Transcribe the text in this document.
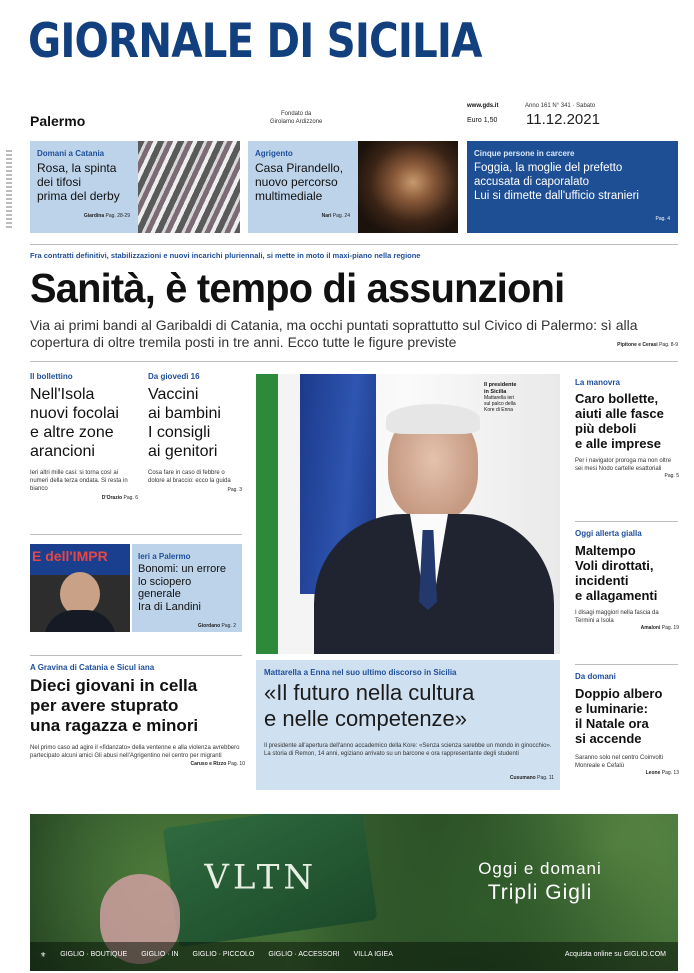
GIORNALE DI SICILIA	⚜
GIGLIO
Palermo	Fondato da
Girolamo Ardizzone
www.gds.it
Euro 1,50
Anno 161 N° 341 · Sabato
11.12.2021
Domani a Catania
Rosa, la spinta
dei tifosi
prima del derby
Giardina Pag. 28-29
Agrigento
Casa Pirandello,
nuovo percorso
multimediale
Nari Pag. 24
Cinque persone in carcere
Foggia, la moglie del prefetto
accusata di caporalato
Lui si dimette dall'ufficio stranieri
Pag. 4
Fra contratti definitivi, stabilizzazioni e nuovi incarichi pluriennali, si mette in moto il maxi-piano nella regione
Sanità, è tempo di assunzioni
Via ai primi bandi al Garibaldi di Catania, ma occhi puntati soprattutto sul Civico di Palermo: sì alla copertura di oltre tremila posti in tre anni. Ecco tutte le figure previste	Pipitone e Cerasi Pag. 8-9
Il bollettino
Nell'Isola
nuovi focolai
e altre zone
arancioni
Ieri altri mille casi: si torna così ai numeri della terza ondata. Si resta in bianco
D'Orazio Pag. 6
Da giovedì 16
Vaccini
ai bambini
I consigli
ai genitori
Cosa fare in caso di febbre o dolore al braccio: ecco la guida
Pag. 3
E dell'IMPR	Ieri a Palermo
Bonomi: un errore
lo sciopero
generale
Ira di Landini
Giordano Pag. 2
Il presidente
in Sicilia
Mattarella ieri
sul palco della
Kore di Enna
La manovra
Caro bollette,
aiuti alle fasce
più deboli
e alle imprese
Per i navigator proroga ma non oltre sei mesi Nodo cartelle esattoriali
Pag. 5
Oggi allerta gialla
Maltempo
Voli dirottati,
incidenti
e allagamenti
I disagi maggiori nella fascia da Termini a Isola
Amaloni Pag. 19
Da domani
Doppio albero
e luminarie:
il Natale ora
si accende
Saranno solo nel centro Coinvolti Monreale e Cefalù
Leone Pag. 13
A Gravina di Catania e Sicul iana
Dieci giovani in cella
per avere stuprato
una ragazza e minori
Nel primo caso ad agire il «fidanzato» della ventenne e alla violenza avrebbero partecipato alcuni amici Gli abusi nell'Agrigentino nel centro per migranti
Caruso e Rizzo Pag. 10
Mattarella a Enna nel suo ultimo discorso in Sicilia
«Il futuro nella cultura
e nelle competenze»
Il presidente all'apertura dell'anno accademico della Kore: «Senza scienza sarebbe un mondo in ginocchio». La storia di Remon, 14 anni, egiziano arrivato su un barcone e ora rappresentante degli studenti
Cusumano Pag. 11
VLTN	Oggi e domani
Tripli Gigli
⚜ GIGLIO · BOUTIQUE GIGLIO · IN GIGLIO · PICCOLO GIGLIO · ACCESSORI VILLA IGIEA	Acquista online su GIGLIO.COM
